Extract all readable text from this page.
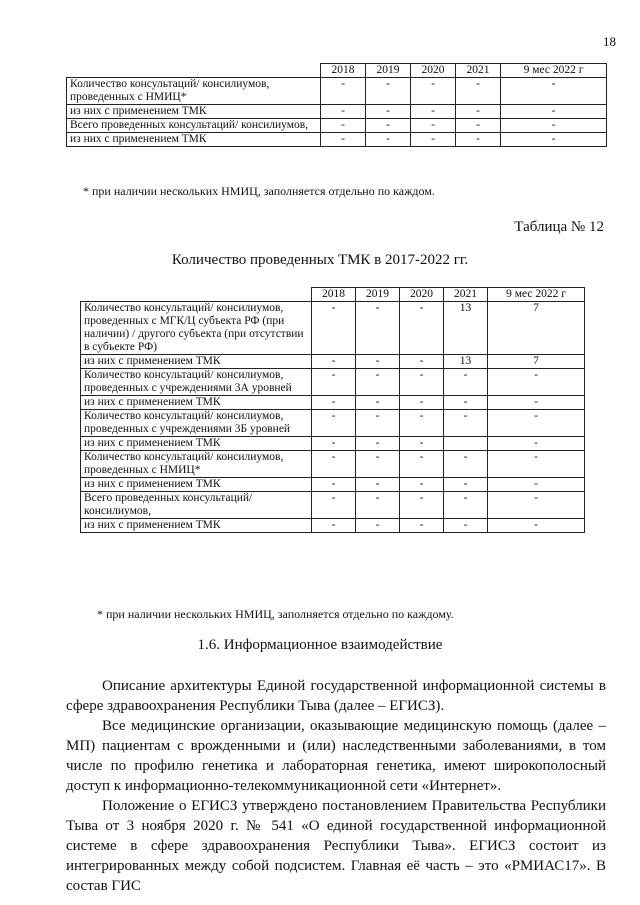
18
	2018	2019	2020	2021	9 мес 2022 г
Количество консультаций/ консилиумов, проведенных с НМИЦ*	-	-	-	-	-
из них с применением ТМК	-	-	-	-	-
Всего проведенных консультаций/ консилиумов,	-	-	-	-	-
из них с применением ТМК	-	-	-	-	-
* при наличии нескольких НМИЦ, заполняется отдельно по каждом.
Таблица № 12
Количество проведенных ТМК в 2017-2022 гг.
	2018	2019	2020	2021	9 мес 2022 г
Количество консультаций/ консилиумов, проведенных с МГК/Ц субъекта РФ (при наличии) / другого субъекта (при отсутствии в субъекте РФ)	-	-	-	13	7
из них с применением ТМК	-	-	-	13	7
Количество консультаций/ консилиумов, проведенных с учреждениями 3А уровней	-	-	-	-	-
из них с применением ТМК	-	-	-	-	-
Количество консультаций/ консилиумов, проведенных с учреждениями 3Б уровней	-	-	-	-	-
из них с применением ТМК	-	-	-		-
Количество консультаций/ консилиумов, проведенных с НМИЦ*	-	-	-	-	-
из них с применением ТМК	-	-	-	-	-
Всего проведенных консультаций/ консилиумов,	-	-	-	-	-
из них с применением ТМК	-	-	-	-	-
* при наличии нескольких НМИЦ, заполняется отдельно по каждому.
1.6. Информационное взаимодействие

Описание архитектуры Единой государственной информационной системы в сфере здравоохранения Республики Тыва (далее – ЕГИСЗ).

Все медицинские организации, оказывающие медицинскую помощь (далее – МП) пациентам с врожденными и (или) наследственными заболеваниями, в том числе по профилю генетика и лабораторная генетика, имеют широкополосный доступ к информационно-телекоммуникационной сети «Интернет».

Положение о ЕГИСЗ утверждено постановлением Правительства Республики Тыва от 3 ноября 2020 г. № 541 «О единой государственной информационной системе в сфере здравоохранения Республики Тыва». ЕГИСЗ состоит из интегрированных между собой подсистем. Главная её часть – это «РМИАС17». В состав ГИС
